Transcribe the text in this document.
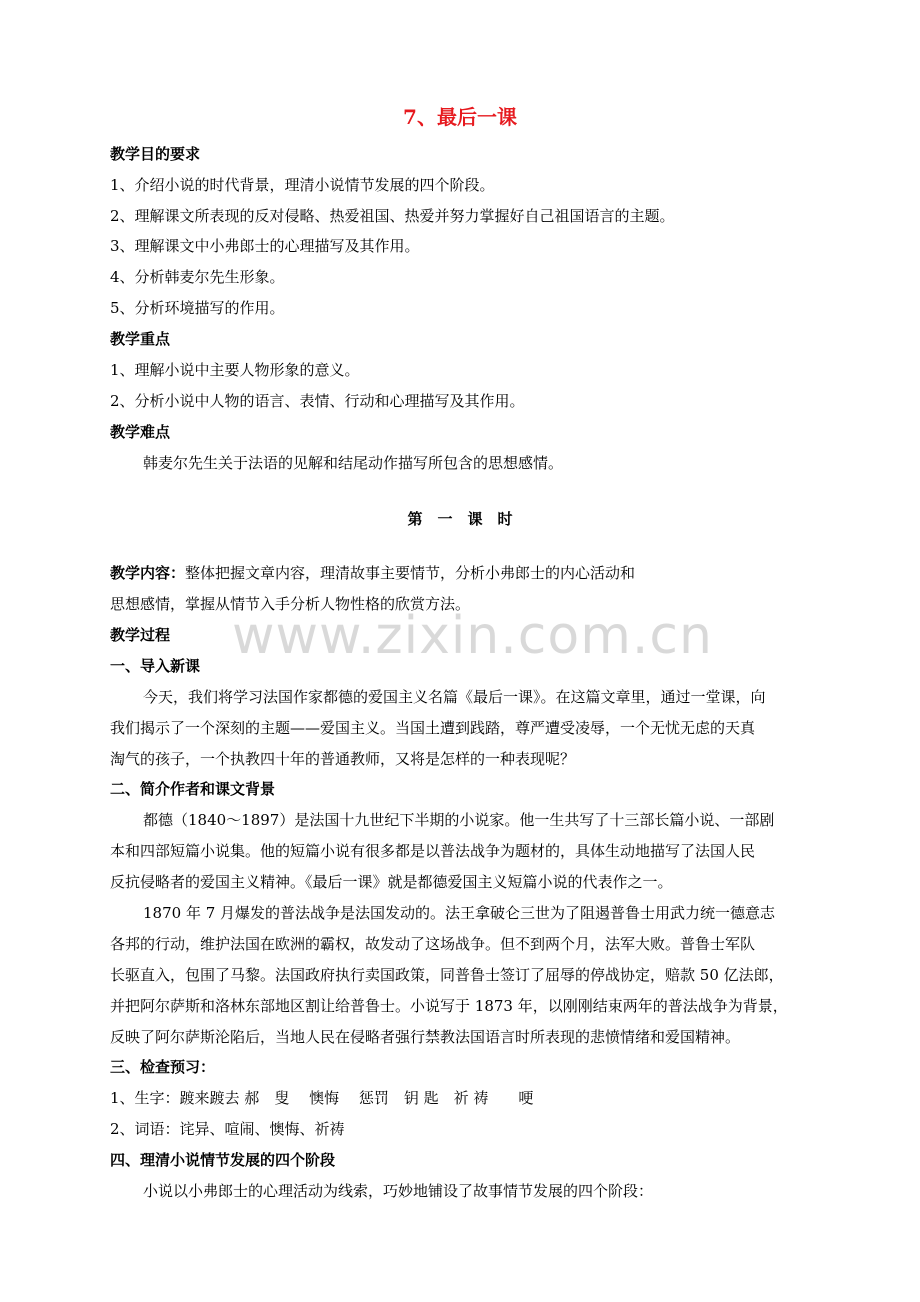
7、最后一课
教学目的要求
1、介绍小说的时代背景，理清小说情节发展的四个阶段。
2、理解课文所表现的反对侵略、热爱祖国、热爱并努力掌握好自己祖国语言的主题。
3、理解课文中小弗郎士的心理描写及其作用。
4、分析韩麦尔先生形象。
5、分析环境描写的作用。
教学重点
1、理解小说中主要人物形象的意义。
2、分析小说中人物的语言、表情、行动和心理描写及其作用。
教学难点
韩麦尔先生关于法语的见解和结尾动作描写所包含的思想感情。
第　一　课　时
教学内容：整体把握文章内容，理清故事主要情节，分析小弗郎士的内心活动和
思想感情，掌握从情节入手分析人物性格的欣赏方法。
教学过程
一、导入新课
今天，我们将学习法国作家都德的爱国主义名篇《最后一课》。在这篇文章里，通过一堂课，向
我们揭示了一个深刻的主题——爱国主义。当国土遭到践踏，尊严遭受凌辱，一个无忧无虑的天真
淘气的孩子，一个执教四十年的普通教师，又将是怎样的一种表现呢？
二、简介作者和课文背景
都德（1840～1897）是法国十九世纪下半期的小说家。他一生共写了十三部长篇小说、一部剧
本和四部短篇小说集。他的短篇小说有很多都是以普法战争为题材的，具体生动地描写了法国人民
反抗侵略者的爱国主义精神。《最后一课》就是都德爱国主义短篇小说的代表作之一。
1870 年 7 月爆发的普法战争是法国发动的。法王拿破仑三世为了阻遏普鲁士用武力统一德意志
各邦的行动，维护法国在欧洲的霸权，故发动了这场战争。但不到两个月，法军大败。普鲁士军队
长驱直入，包围了马黎。法国政府执行卖国政策，同普鲁士签订了屈辱的停战协定，赔款 50 亿法郎，
并把阿尔萨斯和洛林东部地区割让给普鲁士。小说写于 1873 年，以刚刚结束两年的普法战争为背景，
反映了阿尔萨斯沦陷后，当地人民在侵略者强行禁教法国语言时所表现的悲愤情绪和爱国精神。
三、检查预习：
1、生字：踱来踱去 郝　叟　 懊悔　 惩罚　钥 匙　祈 祷　　哽
2、词语：诧异、喧闹、懊悔、祈祷
四、理清小说情节发展的四个阶段
小说以小弗郎士的心理活动为线索，巧妙地铺设了故事情节发展的四个阶段：
www.zixin.com.cn
